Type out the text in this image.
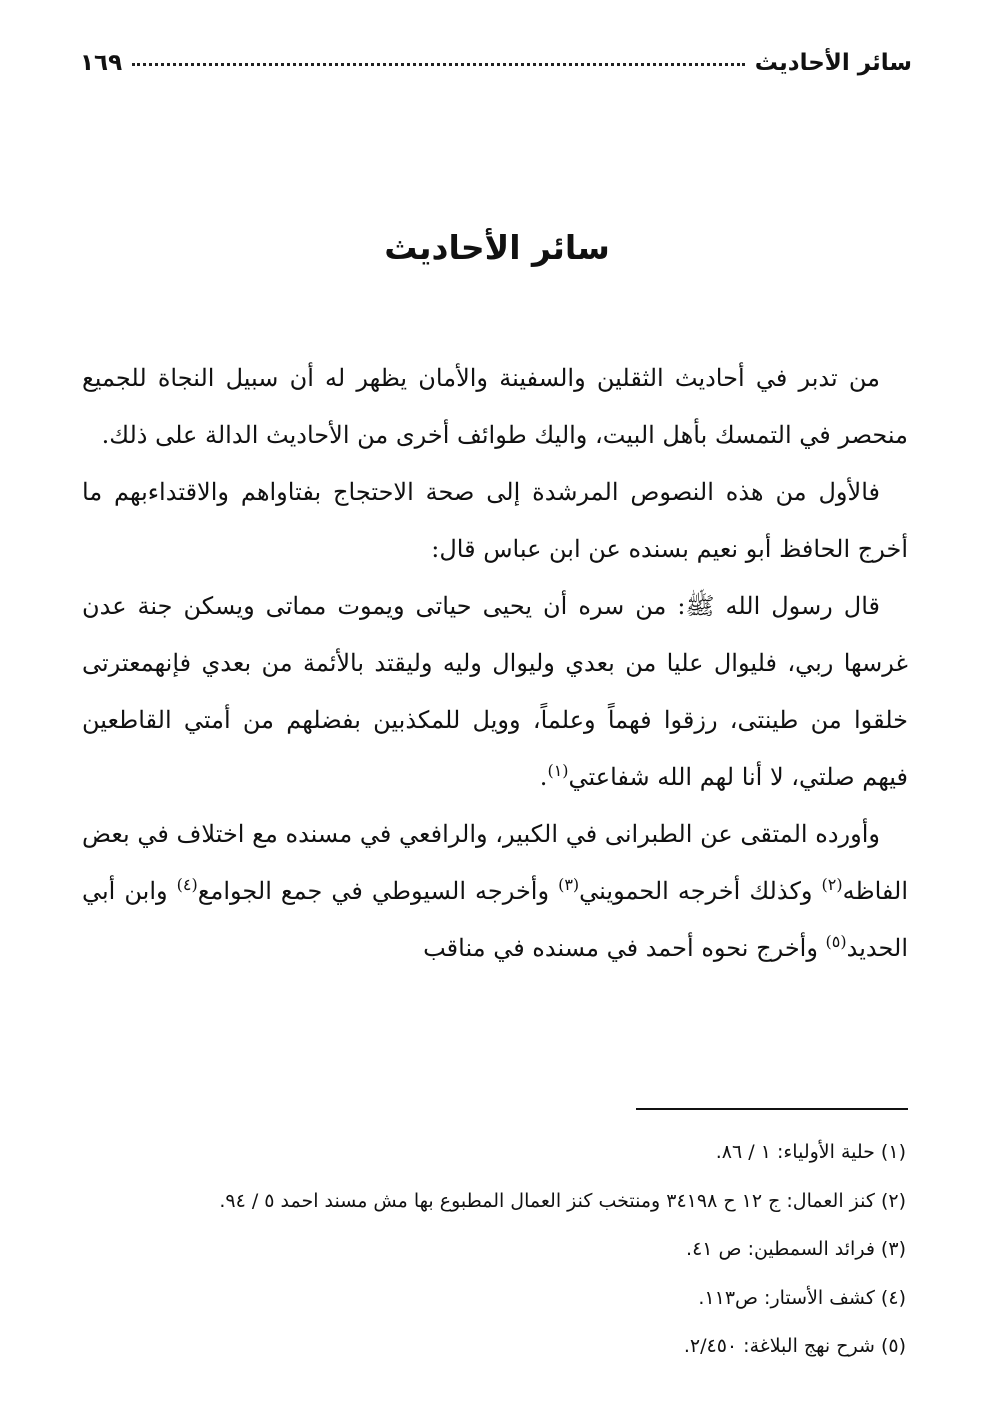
سائر الأحاديث
١٦٩
سائر الأحاديث

من تدبر في أحاديث الثقلين والسفينة والأمان يظهر له أن سبيل النجاة للجميع منحصر في التمسك بأهل البيت، واليك طوائف أخرى من الأحاديث الدالة على ذلك.

فالأول من هذه النصوص المرشدة إلى صحة الاحتجاج بفتاواهم والاقتداءبهم ما أخرج الحافظ أبو نعيم بسنده عن ابن عباس قال:

قال رسول الله ﷺ: من سره أن يحيى حياتى ويموت مماتى ويسكن جنة عدن غرسها ربي، فليوال عليا من بعدي وليوال وليه وليقتد بالأئمة من بعدي فإنهمعترتى خلقوا من طينتى، رزقوا فهماً وعلماً، وويل للمكذبين بفضلهم من أمتي القاطعين فيهم صلتي، لا أنا لهم الله شفاعتي$^{(١)}$.

وأورده المتقى عن الطبرانى في الكبير، والرافعي في مسنده مع اختلاف في بعض الفاظه$^{(٢)}$ وكذلك أخرجه الحمويني$^{(٣)}$ وأخرجه السيوطي في جمع الجوامع$^{(٤)}$ وابن أبي الحديد$^{(٥)}$ وأخرج نحوه أحمد في مسنده في مناقب

(١) حلية الأولياء: ١ / ٨٦.
(٢) كنز العمال: ج ١٢ ح ٣٤١٩٨ ومنتخب كنز العمال المطبوع بها مش مسند احمد ٥ / ٩٤.
(٣) فرائد السمطين: ص ٤١.
(٤) كشف الأستار: ص١١٣.
(٥) شرح نهج البلاغة: ٢/٤٥٠.
